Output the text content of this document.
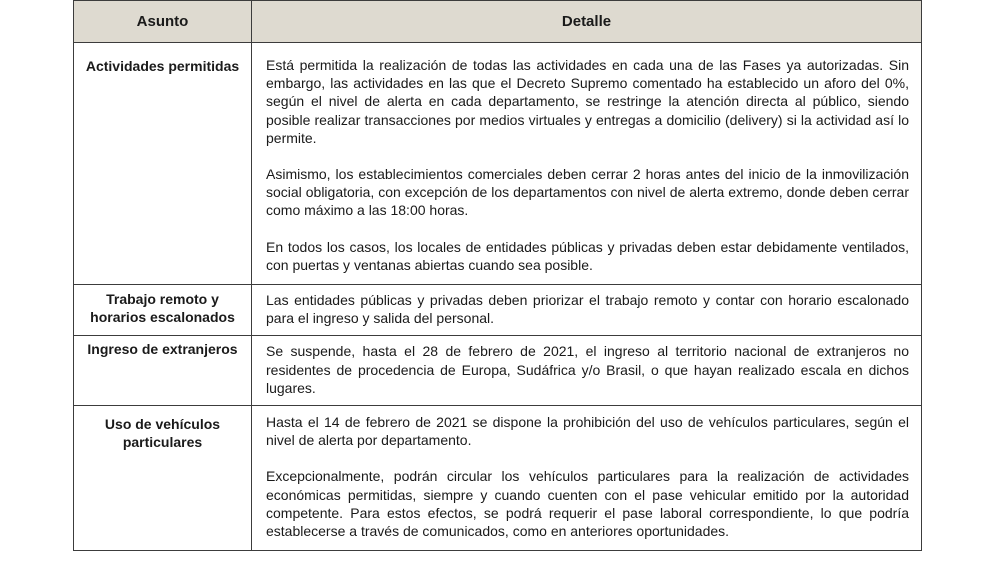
Asunto	Detalle
Actividades permitidas	Está permitida la realización de todas las actividades en cada una de las Fases ya autorizadas. Sin embargo, las actividades en las que el Decreto Supremo comentado ha establecido un aforo del 0%, según el nivel de alerta en cada departamento, se restringe la atención directa al público, siendo posible realizar transacciones por medios virtuales y entregas a domicilio (delivery) si la actividad así lo permite.

Asimismo, los establecimientos comerciales deben cerrar 2 horas antes del inicio de la inmovilización social obligatoria, con excepción de los departamentos con nivel de alerta extremo, donde deben cerrar como máximo a las 18:00 horas.

En todos los casos, los locales de entidades públicas y privadas deben estar debidamente ventilados, con puertas y ventanas abiertas cuando sea posible.

Trabajo remoto y horarios escalonados	Las entidades públicas y privadas deben priorizar el trabajo remoto y contar con horario escalonado para el ingreso y salida del personal.

Ingreso de extranjeros	Se suspende, hasta el 28 de febrero de 2021, el ingreso al territorio nacional de extranjeros no residentes de procedencia de Europa, Sudáfrica y/o Brasil, o que hayan realizado escala en dichos lugares.

Uso de vehículos particulares	Hasta el 14 de febrero de 2021 se dispone la prohibición del uso de vehículos particulares, según el nivel de alerta por departamento.

Excepcionalmente, podrán circular los vehículos particulares para la realización de actividades económicas permitidas, siempre y cuando cuenten con el pase vehicular emitido por la autoridad competente. Para estos efectos, se podrá requerir el pase laboral correspondiente, lo que podría establecerse a través de comunicados, como en anteriores oportunidades.
